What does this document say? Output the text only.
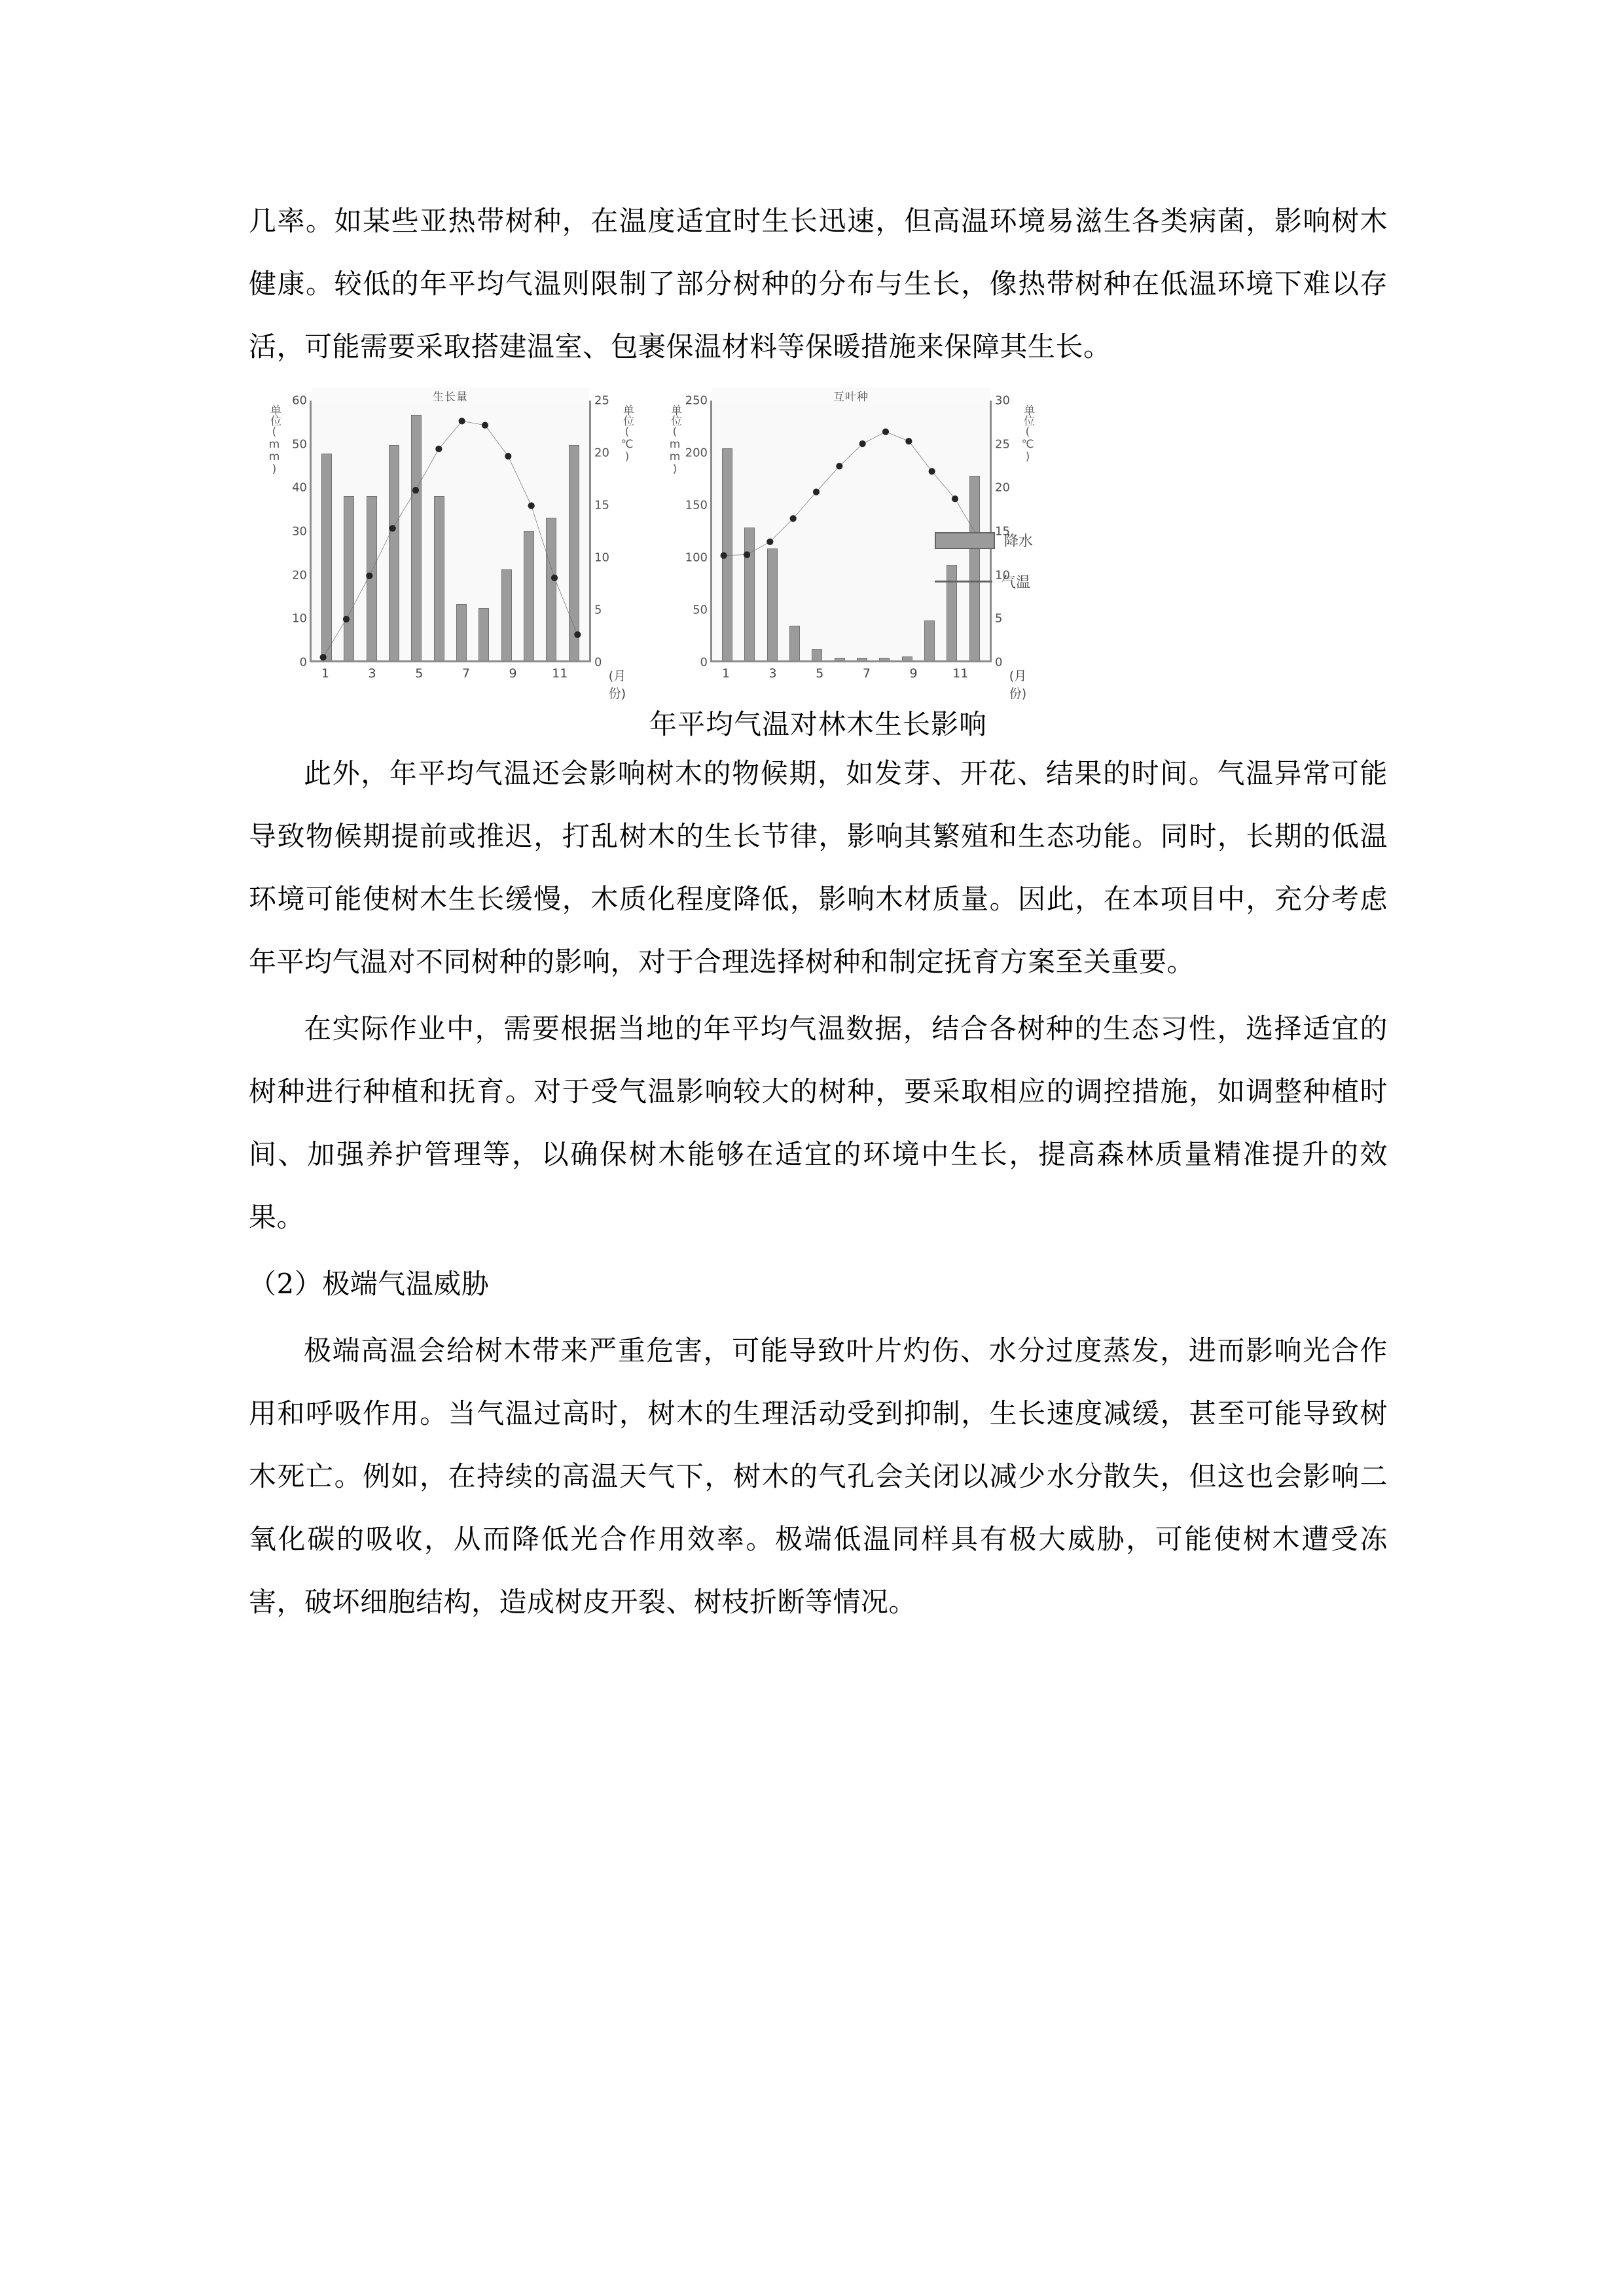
几率。如某些亚热带树种，在温度适宜时生长迅速，但高温环境易滋生各类病菌，影响树木健康。较低的年平均气温则限制了部分树种的分布与生长，像热带树种在低温环境下难以存活，可能需要采取搭建温室、包裹保温材料等保暖措施来保障其生长。

单位(mm)
0
10
20
30
40
50
60	生长量
0
5
10
15
20
25
单位(℃)
1	3	5	7	9	11	(月份)
单位(mm)
0
50
100
150
200
250	互叶种
0
5
10
15
20
25
30
单位(℃)
1	3	5	7	9	11	(月份)
降水
气温
年平均气温对林木生长影响

此外，年平均气温还会影响树木的物候期，如发芽、开花、结果的时间。气温异常可能导致物候期提前或推迟，打乱树木的生长节律，影响其繁殖和生态功能。同时，长期的低温环境可能使树木生长缓慢，木质化程度降低，影响木材质量。因此，在本项目中，充分考虑年平均气温对不同树种的影响，对于合理选择树种和制定抚育方案至关重要。

在实际作业中，需要根据当地的年平均气温数据，结合各树种的生态习性，选择适宜的树种进行种植和抚育。对于受气温影响较大的树种，要采取相应的调控措施，如调整种植时间、加强养护管理等，以确保树木能够在适宜的环境中生长，提高森林质量精准提升的效果。

（2）极端气温威胁

极端高温会给树木带来严重危害，可能导致叶片灼伤、水分过度蒸发，进而影响光合作用和呼吸作用。当气温过高时，树木的生理活动受到抑制，生长速度减缓，甚至可能导致树木死亡。例如，在持续的高温天气下，树木的气孔会关闭以减少水分散失，但这也会影响二氧化碳的吸收，从而降低光合作用效率。极端低温同样具有极大威胁，可能使树木遭受冻害，破坏细胞结构，造成树皮开裂、树枝折断等情况。
